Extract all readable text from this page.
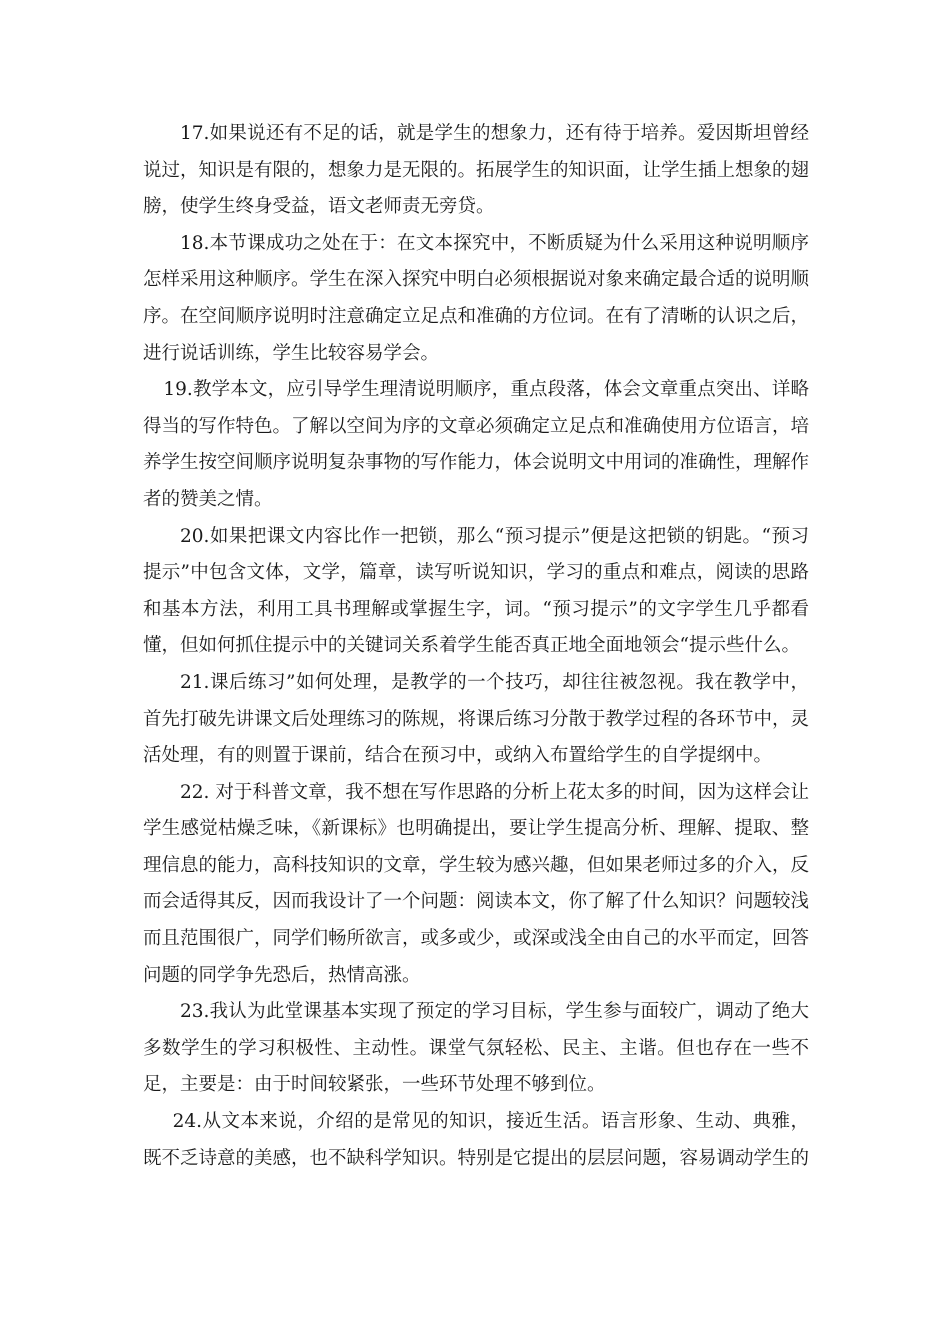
17.如果说还有不足的话，就是学生的想象力，还有待于培养。爱因斯坦曾经说过，知识是有限的，想象力是无限的。拓展学生的知识面，让学生插上想象的翅膀，使学生终身受益，语文老师责无旁贷。

18.本节课成功之处在于：在文本探究中，不断质疑为什么采用这种说明顺序怎样采用这种顺序。学生在深入探究中明白必须根据说对象来确定最合适的说明顺序。在空间顺序说明时注意确定立足点和准确的方位词。在有了清晰的认识之后，进行说话训练，学生比较容易学会。

19.教学本文，应引导学生理清说明顺序，重点段落，体会文章重点突出、详略得当的写作特色。了解以空间为序的文章必须确定立足点和准确使用方位语言，培养学生按空间顺序说明复杂事物的写作能力，体会说明文中用词的准确性，理解作者的赞美之情。

20.如果把课文内容比作一把锁，那么“预习提示”便是这把锁的钥匙。“预习提示”中包含文体，文学，篇章，读写听说知识，学习的重点和难点，阅读的思路和基本方法，利用工具书理解或掌握生字，词。“预习提示”的文字学生几乎都看懂，但如何抓住提示中的关键词关系着学生能否真正地全面地领会“提示些什么。

21.课后练习”如何处理，是教学的一个技巧，却往往被忽视。我在教学中，首先打破先讲课文后处理练习的陈规，将课后练习分散于教学过程的各环节中，灵活处理，有的则置于课前，结合在预习中，或纳入布置给学生的自学提纲中。

22. 对于科普文章，我不想在写作思路的分析上花太多的时间，因为这样会让学生感觉枯燥乏味，《新课标》也明确提出，要让学生提高分析、理解、提取、整理信息的能力，高科技知识的文章，学生较为感兴趣，但如果老师过多的介入，反而会适得其反，因而我设计了一个问题：阅读本文，你了解了什么知识？问题较浅而且范围很广，同学们畅所欲言，或多或少，或深或浅全由自己的水平而定，回答问题的同学争先恐后，热情高涨。

23.我认为此堂课基本实现了预定的学习目标，学生参与面较广，调动了绝大多数学生的学习积极性、主动性。课堂气氛轻松、民主、主谐。但也存在一些不足，主要是：由于时间较紧张，一些环节处理不够到位。

24.从文本来说，介绍的是常见的知识，接近生活。语言形象、生动、典雅，既不乏诗意的美感，也不缺科学知识。特别是它提出的层层问题，容易调动学生的
